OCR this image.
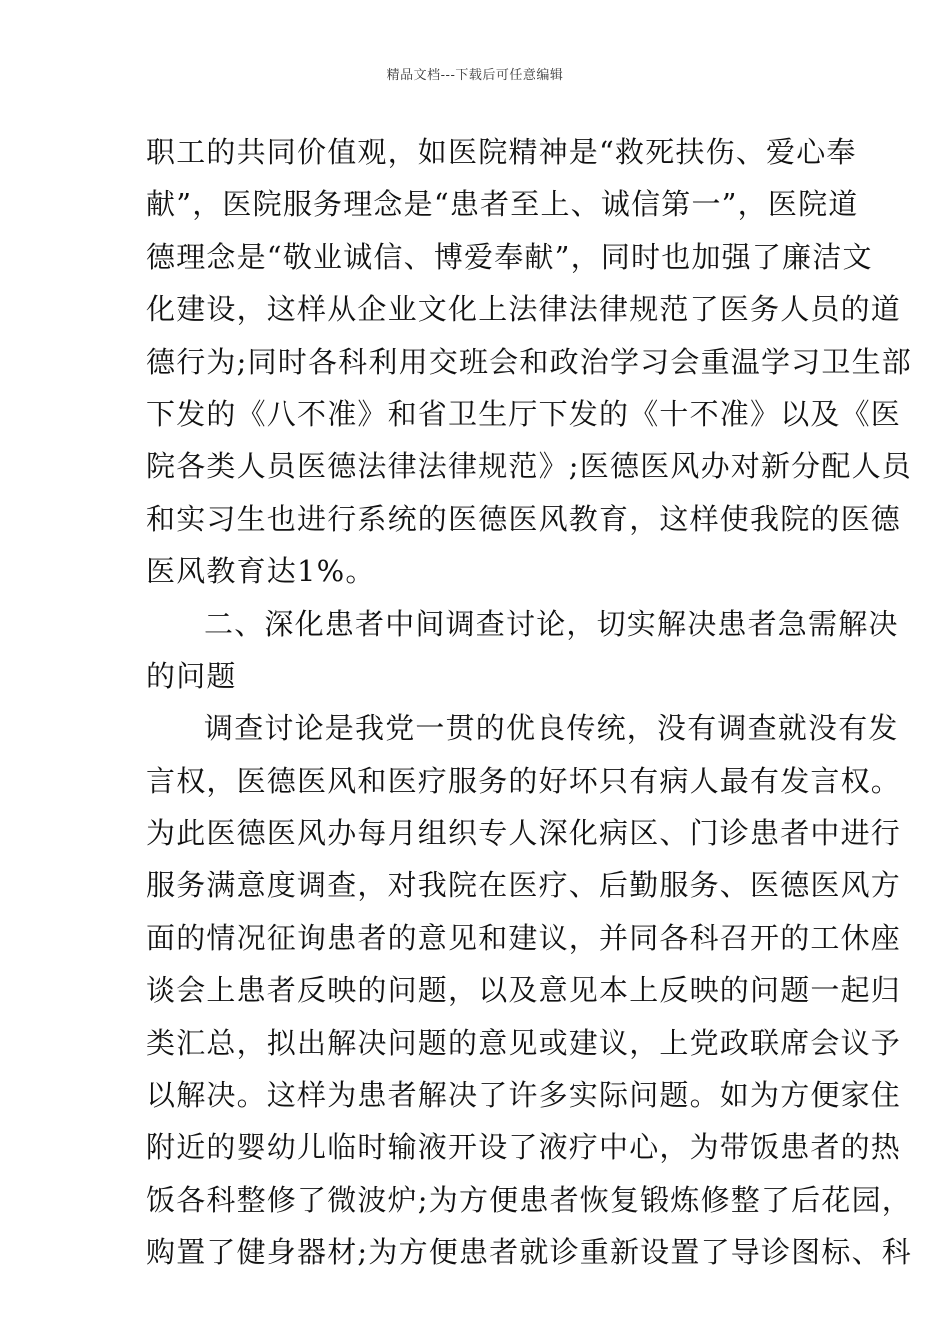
精品文档---下载后可任意编辑
职工的共同价值观，如医院精神是“救死扶伤、爱心奉
献”，医院服务理念是“患者至上、诚信第一”，医院道
德理念是“敬业诚信、博爱奉献”，同时也加强了廉洁文
化建设，这样从企业文化上法律法律规范了医务人员的道
德行为;同时各科利用交班会和政治学习会重温学习卫生部
下发的《八不准》和省卫生厅下发的《十不准》以及《医
院各类人员医德法律法律规范》;医德医风办对新分配人员
和实习生也进行系统的医德医风教育，这样使我院的医德
医风教育达1%。
二、深化患者中间调查讨论，切实解决患者急需解决
的问题
调查讨论是我党一贯的优良传统，没有调查就没有发
言权，医德医风和医疗服务的好坏只有病人最有发言权。
为此医德医风办每月组织专人深化病区、门诊患者中进行
服务满意度调查，对我院在医疗、后勤服务、医德医风方
面的情况征询患者的意见和建议，并同各科召开的工休座
谈会上患者反映的问题，以及意见本上反映的问题一起归
类汇总，拟出解决问题的意见或建议，上党政联席会议予
以解决。这样为患者解决了许多实际问题。如为方便家住
附近的婴幼儿临时输液开设了液疗中心，为带饭患者的热
饭各科整修了微波炉;为方便患者恢复锻炼修整了后花园，
购置了健身器材;为方便患者就诊重新设置了导诊图标、科
